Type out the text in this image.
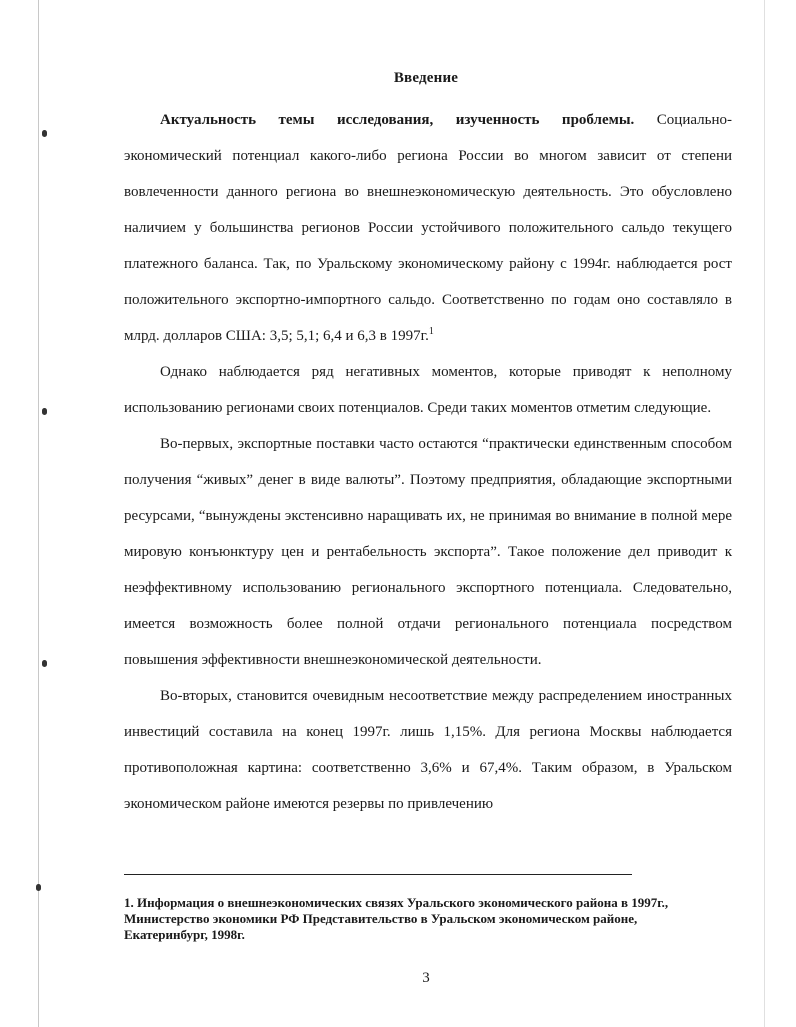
Введение

Актуальность темы исследования, изученность проблемы. Социально-экономический потенциал какого-либо региона России во многом зависит от степени вовлеченности данного региона во внешнеэкономическую деятельность. Это обусловлено наличием у большинства регионов России устойчивого положительного сальдо текущего платежного баланса. Так, по Уральскому экономическому району с 1994г. наблюдается рост положительного экспортно-импортного сальдо. Соответственно по годам оно составляло в млрд. долларов США: 3,5; 5,1; 6,4 и 6,3 в 1997г.$^1$

Однако наблюдается ряд негативных моментов, которые приводят к неполному использованию регионами своих потенциалов. Среди таких моментов отметим следующие.

Во-первых, экспортные поставки часто остаются “практически единственным способом получения “живых” денег в виде валюты”. Поэтому предприятия, обладающие экспортными ресурсами, “вынуждены экстенсивно наращивать их, не принимая во внимание в полной мере мировую конъюнктуру цен и рентабельность экспорта”. Такое положение дел приводит к неэффективному использованию регионального экспортного потенциала. Следовательно, имеется возможность более полной отдачи регионального потенциала посредством повышения эффективности внешнеэкономической деятельности.

Во-вторых, становится очевидным несоответствие между распределением иностранных инвестиций составила на конец 1997г. лишь 1,15%. Для региона Москвы наблюдается противоположная картина: соответственно 3,6% и 67,4%. Таким образом, в Уральском экономическом районе имеются резервы по привлечению

1. Информация о внешнеэкономических связях Уральского экономического района в 1997г., Министерство экономики РФ Представительство в Уральском экономическом районе, Екатеринбург, 1998г.
3
